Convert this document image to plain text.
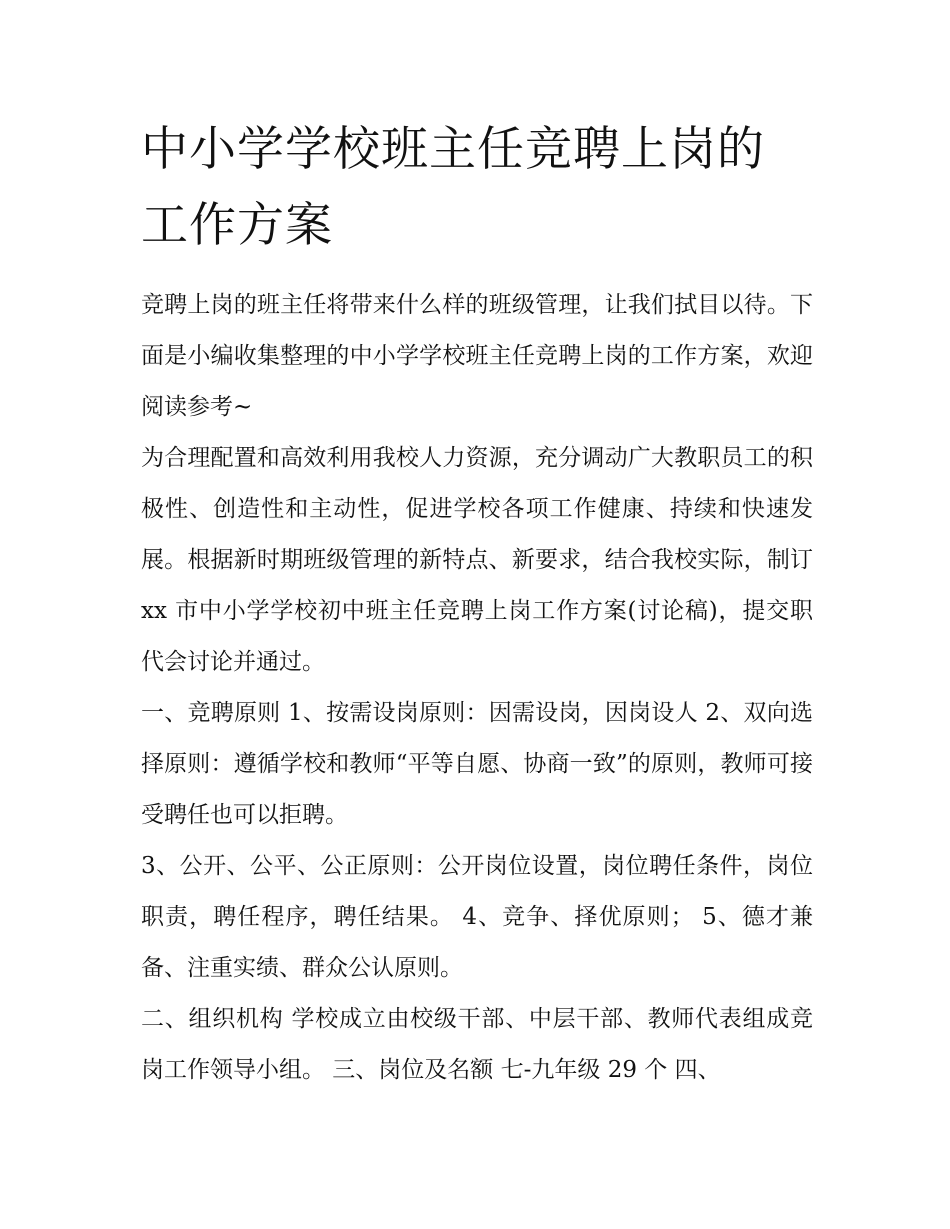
中小学学校班主任竞聘上岗的
工作方案

竞聘上岗的班主任将带来什么样的班级管理，让我们拭目以待。下面是小编收集整理的中小学学校班主任竞聘上岗的工作方案，欢迎阅读参考~

为合理配置和高效利用我校人力资源，充分调动广大教职员工的积极性、创造性和主动性，促进学校各项工作健康、持续和快速发展。根据新时期班级管理的新特点、新要求，结合我校实际，制订 xx 市中小学学校初中班主任竞聘上岗工作方案(讨论稿)，提交职代会讨论并通过。

一、竞聘原则 1、按需设岗原则：因需设岗，因岗设人 2、双向选择原则：遵循学校和教师“平等自愿、协商一致”的原则，教师可接受聘任也可以拒聘。

3、公开、公平、公正原则：公开岗位设置，岗位聘任条件，岗位职责，聘任程序，聘任结果。 4、竞争、择优原则； 5、德才兼备、注重实绩、群众公认原则。

二、组织机构 学校成立由校级干部、中层干部、教师代表组成竞岗工作领导小组。 三、岗位及名额 七-九年级 29 个 四、
